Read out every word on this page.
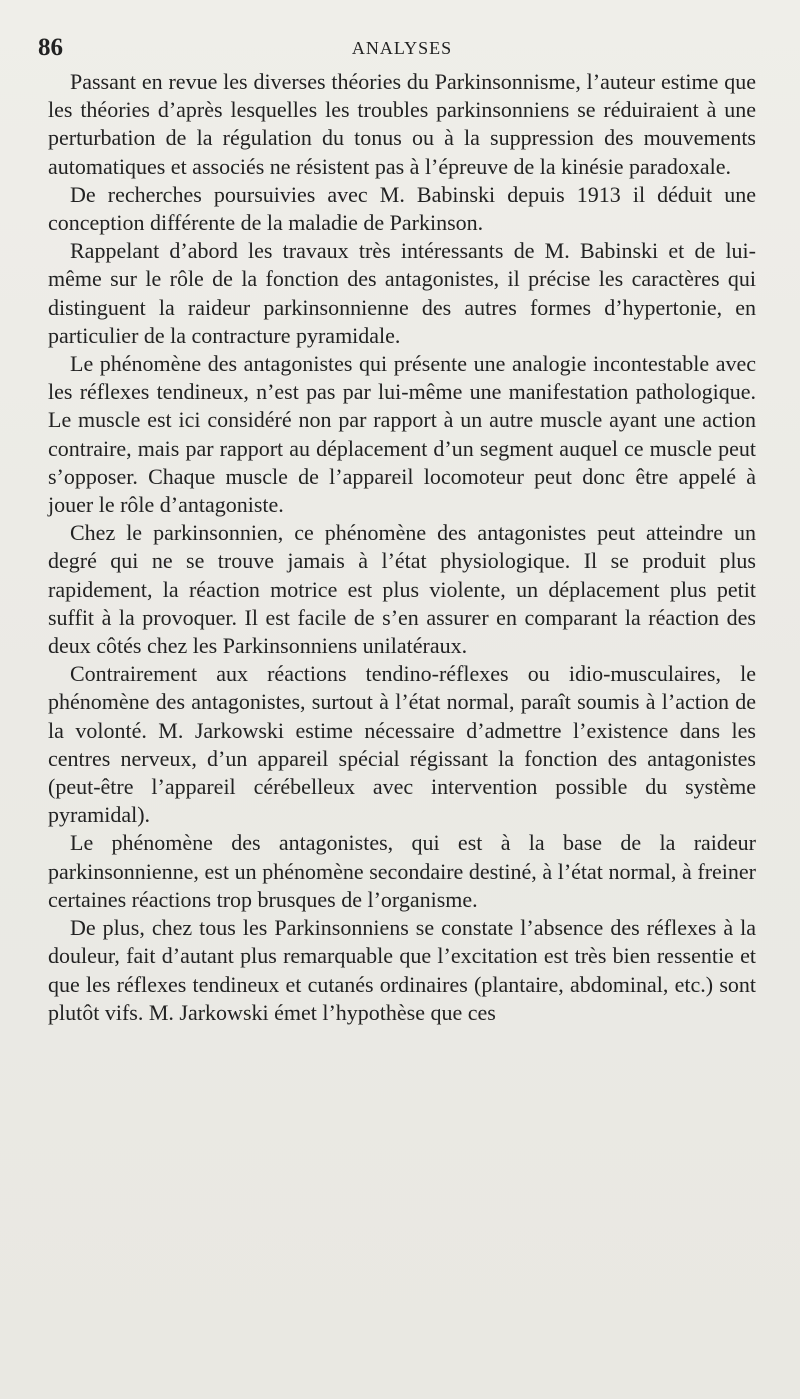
86	ANALYSES

Passant en revue les diverses théories du Parkinsonnisme, l’auteur estime que les théories d’après lesquelles les troubles parkinsonniens se réduiraient à une perturbation de la régulation du tonus ou à la suppression des mouvements automatiques et associés ne résistent pas à l’épreuve de la kinésie paradoxale.

De recherches poursuivies avec M. Babinski depuis 1913 il déduit une conception différente de la maladie de Parkinson.

Rappelant d’abord les travaux très intéressants de M. Babinski et de lui-même sur le rôle de la fonction des antagonistes, il précise les caractères qui distinguent la raideur parkinsonnienne des autres formes d’hypertonie, en particulier de la contracture pyramidale.

Le phénomène des antagonistes qui présente une analogie incontestable avec les réflexes tendineux, n’est pas par lui-même une manifestation pathologique. Le muscle est ici considéré non par rapport à un autre muscle ayant une action contraire, mais par rapport au déplacement d’un segment auquel ce muscle peut s’opposer. Chaque muscle de l’appareil locomoteur peut donc être appelé à jouer le rôle d’antagoniste.

Chez le parkinsonnien, ce phénomène des antagonistes peut atteindre un degré qui ne se trouve jamais à l’état physiologique. Il se produit plus rapidement, la réaction motrice est plus violente, un déplacement plus petit suffit à la provoquer. Il est facile de s’en assurer en comparant la réaction des deux côtés chez les Parkinsonniens unilatéraux.

Contrairement aux réactions tendino-réflexes ou idio-musculaires, le phénomène des antagonistes, surtout à l’état normal, paraît soumis à l’action de la volonté. M. Jarkowski estime nécessaire d’admettre l’existence dans les centres nerveux, d’un appareil spécial régissant la fonction des antagonistes (peut-être l’appareil cérébelleux avec intervention possible du système pyramidal).

Le phénomène des antagonistes, qui est à la base de la raideur parkinsonnienne, est un phénomène secondaire destiné, à l’état normal, à freiner certaines réactions trop brusques de l’organisme.

De plus, chez tous les Parkinsonniens se constate l’absence des réflexes à la douleur, fait d’autant plus remarquable que l’excitation est très bien ressentie et que les réflexes tendineux et cutanés ordinaires (plantaire, abdominal, etc.) sont plutôt vifs. M. Jarkowski émet l’hypothèse que ces
